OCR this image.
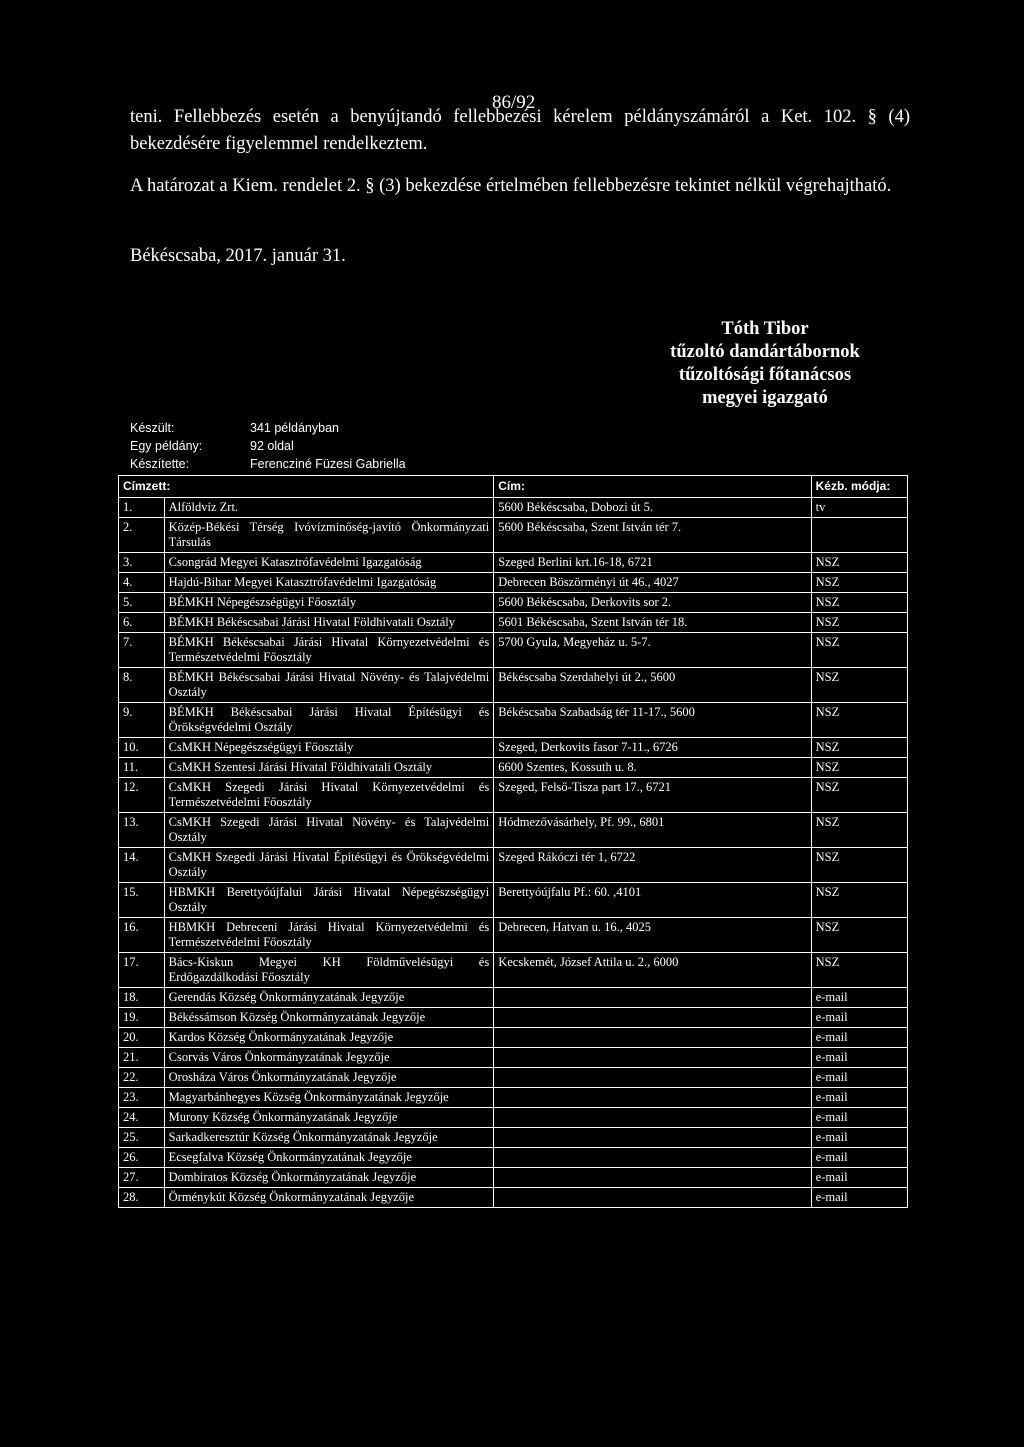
86/92

teni. Fellebbezés esetén a benyújtandó fellebbezési kérelem példányszámáról a Ket. 102. § (4) bekezdésére figyelemmel rendelkeztem.

A határozat a Kiem. rendelet 2. § (3) bekezdése értelmében fellebbezésre tekintet nélkül végrehajtható.

Békéscsaba, 2017. január 31.
Tóth Tibor
tűzoltó dandártábornok
tűzoltósági főtanácsos
megyei igazgató
Készült:	341 példányban
Egy példány:	92 oldal
Készítette:	Ferencziné Füzesi Gabriella
Címzett:		Cím:	Kézb. módja:
1.	Alföldvíz Zrt.	5600 Békéscsaba, Dobozi út 5.	tv
2.	Közép-Békési Térség Ivóvízminőség-javító Önkormányzati Társulás	5600 Békéscsaba, Szent István tér 7.	
3.	Csongrád Megyei Katasztrófavédelmi Igazgatóság	Szeged Berlini krt.16-18, 6721	NSZ
4.	Hajdú-Bihar Megyei Katasztrófavédelmi Igazgatóság	Debrecen Böszörményi út 46., 4027	NSZ
5.	BÉMKH Népegészségügyi Főosztály	5600 Békéscsaba, Derkovits sor 2.	NSZ
6.	BÉMKH Békéscsabai Járási Hivatal Földhivatali Osztály	5601 Békéscsaba, Szent István tér 18.	NSZ
7.	BÉMKH Békéscsabai Járási Hivatal Környezetvédelmi és Természetvédelmi Főosztály	5700 Gyula, Megyeház u. 5-7.	NSZ
8.	BÉMKH Békéscsabai Járási Hivatal Növény- és Talajvédelmi Osztály	Békéscsaba Szerdahelyi út 2., 5600	NSZ
9.	BÉMKH Békéscsabai Járási Hivatal Építésügyi és Örökségvédelmi Osztály	Békéscsaba Szabadság tér 11-17., 5600	NSZ
10.	CsMKH Népegészségügyi Főosztály	Szeged, Derkovits fasor 7-11., 6726	NSZ
11.	CsMKH Szentesi Járási Hivatal Földhivatali Osztály	6600 Szentes, Kossuth u. 8.	NSZ
12.	CsMKH Szegedi Járási Hivatal Környezetvédelmi és Természetvédelmi Főosztály	Szeged, Felső-Tisza part 17., 6721	NSZ
13.	CsMKH Szegedi Járási Hivatal Növény- és Talajvédelmi Osztály	Hódmezővásárhely, Pf. 99., 6801	NSZ
14.	CsMKH Szegedi Járási Hivatal Építésügyi és Örökségvédelmi Osztály	Szeged Rákóczi tér 1, 6722	NSZ
15.	HBMKH Berettyóújfalui Járási Hivatal Népegészségügyi Osztály	Berettyóújfalu Pf.: 60. ,4101	NSZ
16.	HBMKH Debreceni Járási Hivatal Környezetvédelmi és Természetvédelmi Főosztály	Debrecen, Hatvan u. 16., 4025	NSZ
17.	Bács-Kiskun Megyei KH Földművelésügyi és Erdőgazdálkodási Főosztály	Kecskemét, József Attila u. 2., 6000	NSZ
18.	Gerendás Község Önkormányzatának Jegyzője		e-mail
19.	Békéssámson Község Önkormányzatának Jegyzője		e-mail
20.	Kardos Község Önkormányzatának Jegyzője		e-mail
21.	Csorvás Város Önkormányzatának Jegyzője		e-mail
22.	Orosháza Város Önkormányzatának Jegyzője		e-mail
23.	Magyarbánhegyes Község Önkormányzatának Jegyzője		e-mail
24.	Murony Község Önkormányzatának Jegyzője		e-mail
25.	Sarkadkeresztúr Község Önkormányzatának Jegyzője		e-mail
26.	Ecsegfalva Község Önkormányzatának Jegyzője		e-mail
27.	Dombiratos Község Önkormányzatának Jegyzője		e-mail
28.	Örménykút Község Önkormányzatának Jegyzője		e-mail
